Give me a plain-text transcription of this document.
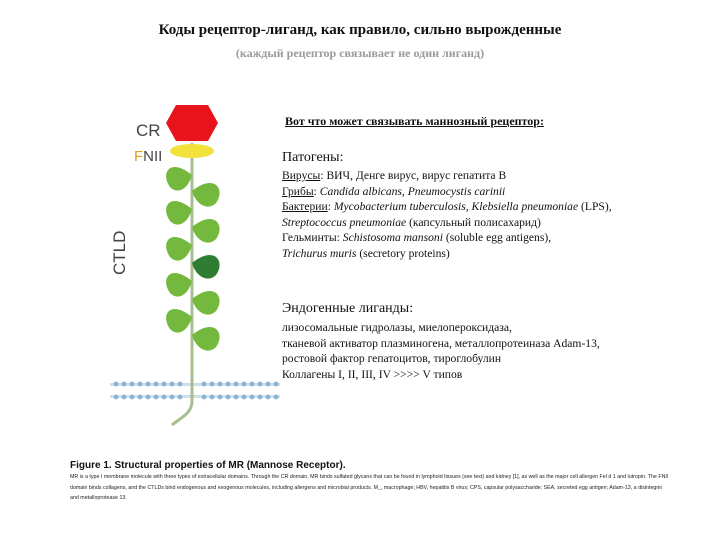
Коды рецептор-лиганд, как правило, сильно вырожденные
(каждый рецептор связывает не один лиганд)
CR
FNII
CTLD
Вот что может связывать маннозный рецептор:
Патогены:
Вирусы: ВИЧ, Денге вирус, вирус гепатита В
Грибы: Candida albicans, Pneumocystis carinii
Бактерии: Mycobacterium tuberculosis, Klebsiella pneumoniae (LPS),
Streptococcus pneumoniae (капсульный полисахарид)
Гельминты: Schistosoma mansoni (soluble egg antigens),
Trichurus muris (secretory proteins)
Эндогенные лиганды:
лизосомальные гидролазы, миелопероксидаза,
тканевой активатор плазминогена, металлопротеиназа Adam-13,
ростовой фактор гепатоцитов, тироглобулин
Коллагены I, II, III, IV >>>> V типов
Figure 1. Structural properties of MR (Mannose Receptor).
MR is a type I membrane molecule with three types of extracellular domains. Through the CR domain, MR binds sulfated glycans that can be found in lymphoid tissues (see text) and kidney [1], as well as the major cell allergen Fel d 1 and lutropin. The FNII domain binds collagens, and the CTLDs bind endogenous and exogenous molecules, including allergens and microbial products. M_, macrophage; HBV, hepatitis B virus; CPS, capsular polysaccharide; SEA, secreted egg antigen; Adam-13, a disintegrin and metalloprotease 13.
